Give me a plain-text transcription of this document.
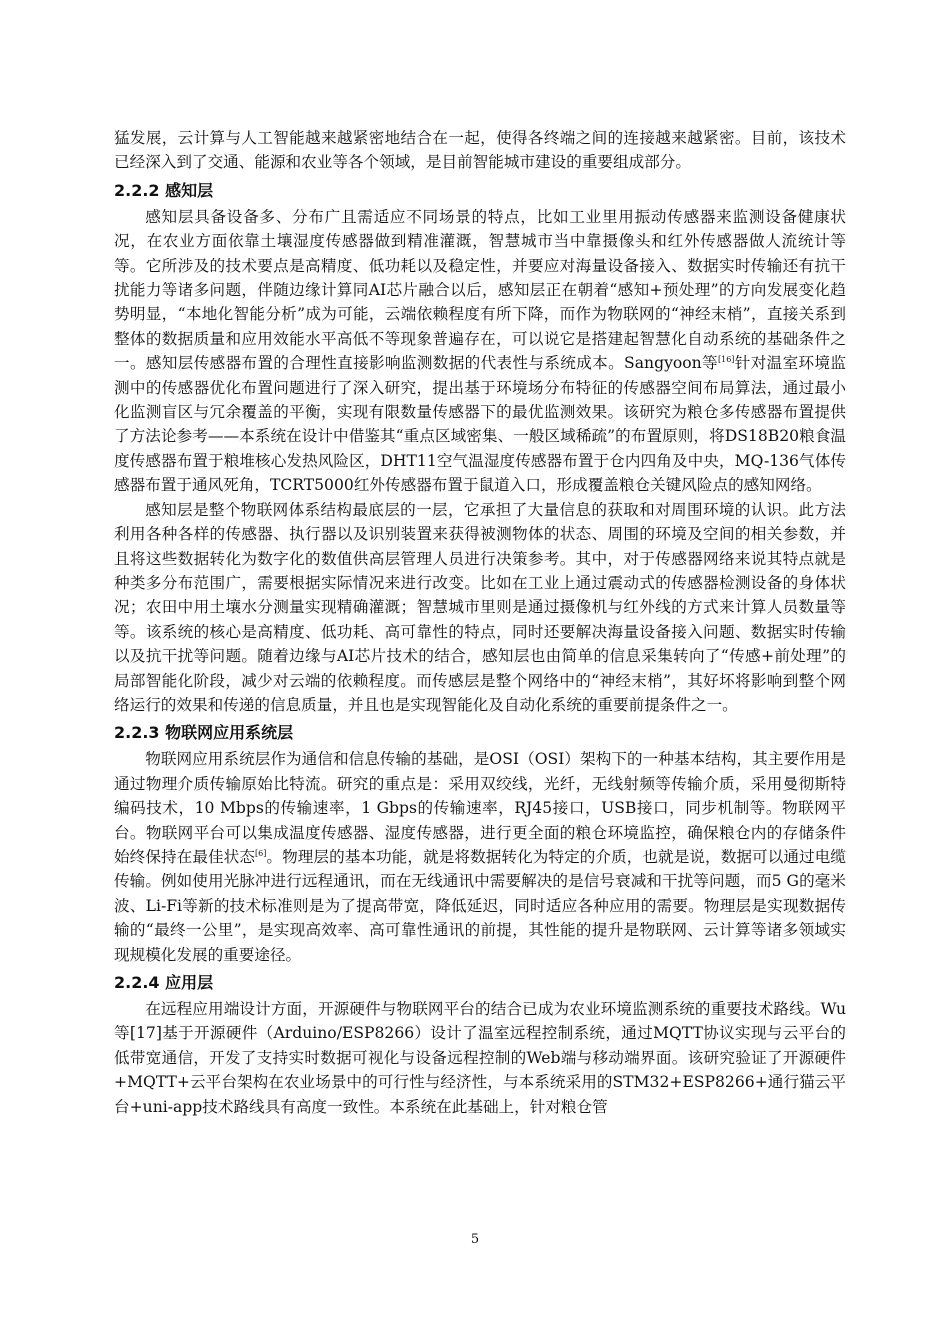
猛发展，云计算与人工智能越来越紧密地结合在一起，使得各终端之间的连接越来越紧密。目前，该技术已经深入到了交通、能源和农业等各个领域，是目前智能城市建设的重要组成部分。

2.2.2 感知层

感知层具备设备多、分布广且需适应不同场景的特点，比如工业里用振动传感器来监测设备健康状况，在农业方面依靠土壤湿度传感器做到精准灌溉，智慧城市当中靠摄像头和红外传感器做人流统计等等。它所涉及的技术要点是高精度、低功耗以及稳定性，并要应对海量设备接入、数据实时传输还有抗干扰能力等诸多问题，伴随边缘计算同AI芯片融合以后，感知层正在朝着“感知+预处理”的方向发展变化趋势明显，“本地化智能分析”成为可能，云端依赖程度有所下降，而作为物联网的“神经末梢”，直接关系到整体的数据质量和应用效能水平高低不等现象普遍存在，可以说它是搭建起智慧化自动系统的基础条件之一。感知层传感器布置的合理性直接影响监测数据的代表性与系统成本。Sangyoon等[16]针对温室环境监测中的传感器优化布置问题进行了深入研究，提出基于环境场分布特征的传感器空间布局算法，通过最小化监测盲区与冗余覆盖的平衡，实现有限数量传感器下的最优监测效果。该研究为粮仓多传感器布置提供了方法论参考——本系统在设计中借鉴其“重点区域密集、一般区域稀疏”的布置原则，将DS18B20粮食温度传感器布置于粮堆核心发热风险区，DHT11空气温湿度传感器布置于仓内四角及中央，MQ-136气体传感器布置于通风死角，TCRT5000红外传感器布置于鼠道入口，形成覆盖粮仓关键风险点的感知网络。

感知层是整个物联网体系结构最底层的一层，它承担了大量信息的获取和对周围环境的认识。此方法利用各种各样的传感器、执行器以及识别装置来获得被测物体的状态、周围的环境及空间的相关参数，并且将这些数据转化为数字化的数值供高层管理人员进行决策参考。其中，对于传感器网络来说其特点就是种类多分布范围广，需要根据实际情况来进行改变。比如在工业上通过震动式的传感器检测设备的身体状况；农田中用土壤水分测量实现精确灌溉；智慧城市里则是通过摄像机与红外线的方式来计算人员数量等等。该系统的核心是高精度、低功耗、高可靠性的特点，同时还要解决海量设备接入问题、数据实时传输以及抗干扰等问题。随着边缘与AI芯片技术的结合，感知层也由简单的信息采集转向了“传感+前处理”的局部智能化阶段，减少对云端的依赖程度。而传感层是整个网络中的“神经末梢”，其好坏将影响到整个网络运行的效果和传递的信息质量，并且也是实现智能化及自动化系统的重要前提条件之一。

2.2.3 物联网应用系统层

物联网应用系统层作为通信和信息传输的基础，是OSI（OSI）架构下的一种基本结构，其主要作用是通过物理介质传输原始比特流。研究的重点是：采用双绞线，光纤，无线射频等传输介质，采用曼彻斯特编码技术，10 Mbps的传输速率，1 Gbps的传输速率，RJ45接口，USB接口，同步机制等。物联网平台。物联网平台可以集成温度传感器、湿度传感器，进行更全面的粮仓环境监控，确保粮仓内的存储条件始终保持在最佳状态[6]。物理层的基本功能，就是将数据转化为特定的介质，也就是说，数据可以通过电缆传输。例如使用光脉冲进行远程通讯，而在无线通讯中需要解决的是信号衰减和干扰等问题，而5 G的毫米波、Li-Fi等新的技术标准则是为了提高带宽，降低延迟，同时适应各种应用的需要。物理层是实现数据传输的“最终一公里”，是实现高效率、高可靠性通讯的前提，其性能的提升是物联网、云计算等诸多领域实现规模化发展的重要途径。

2.2.4 应用层

在远程应用端设计方面，开源硬件与物联网平台的结合已成为农业环境监测系统的重要技术路线。Wu等[17]基于开源硬件（Arduino/ESP8266）设计了温室远程控制系统，通过MQTT协议实现与云平台的低带宽通信，开发了支持实时数据可视化与设备远程控制的Web端与移动端界面。该研究验证了开源硬件+MQTT+云平台架构在农业场景中的可行性与经济性，与本系统采用的STM32+ESP8266+通行猫云平台+uni-app技术路线具有高度一致性。本系统在此基础上，针对粮仓管

5
